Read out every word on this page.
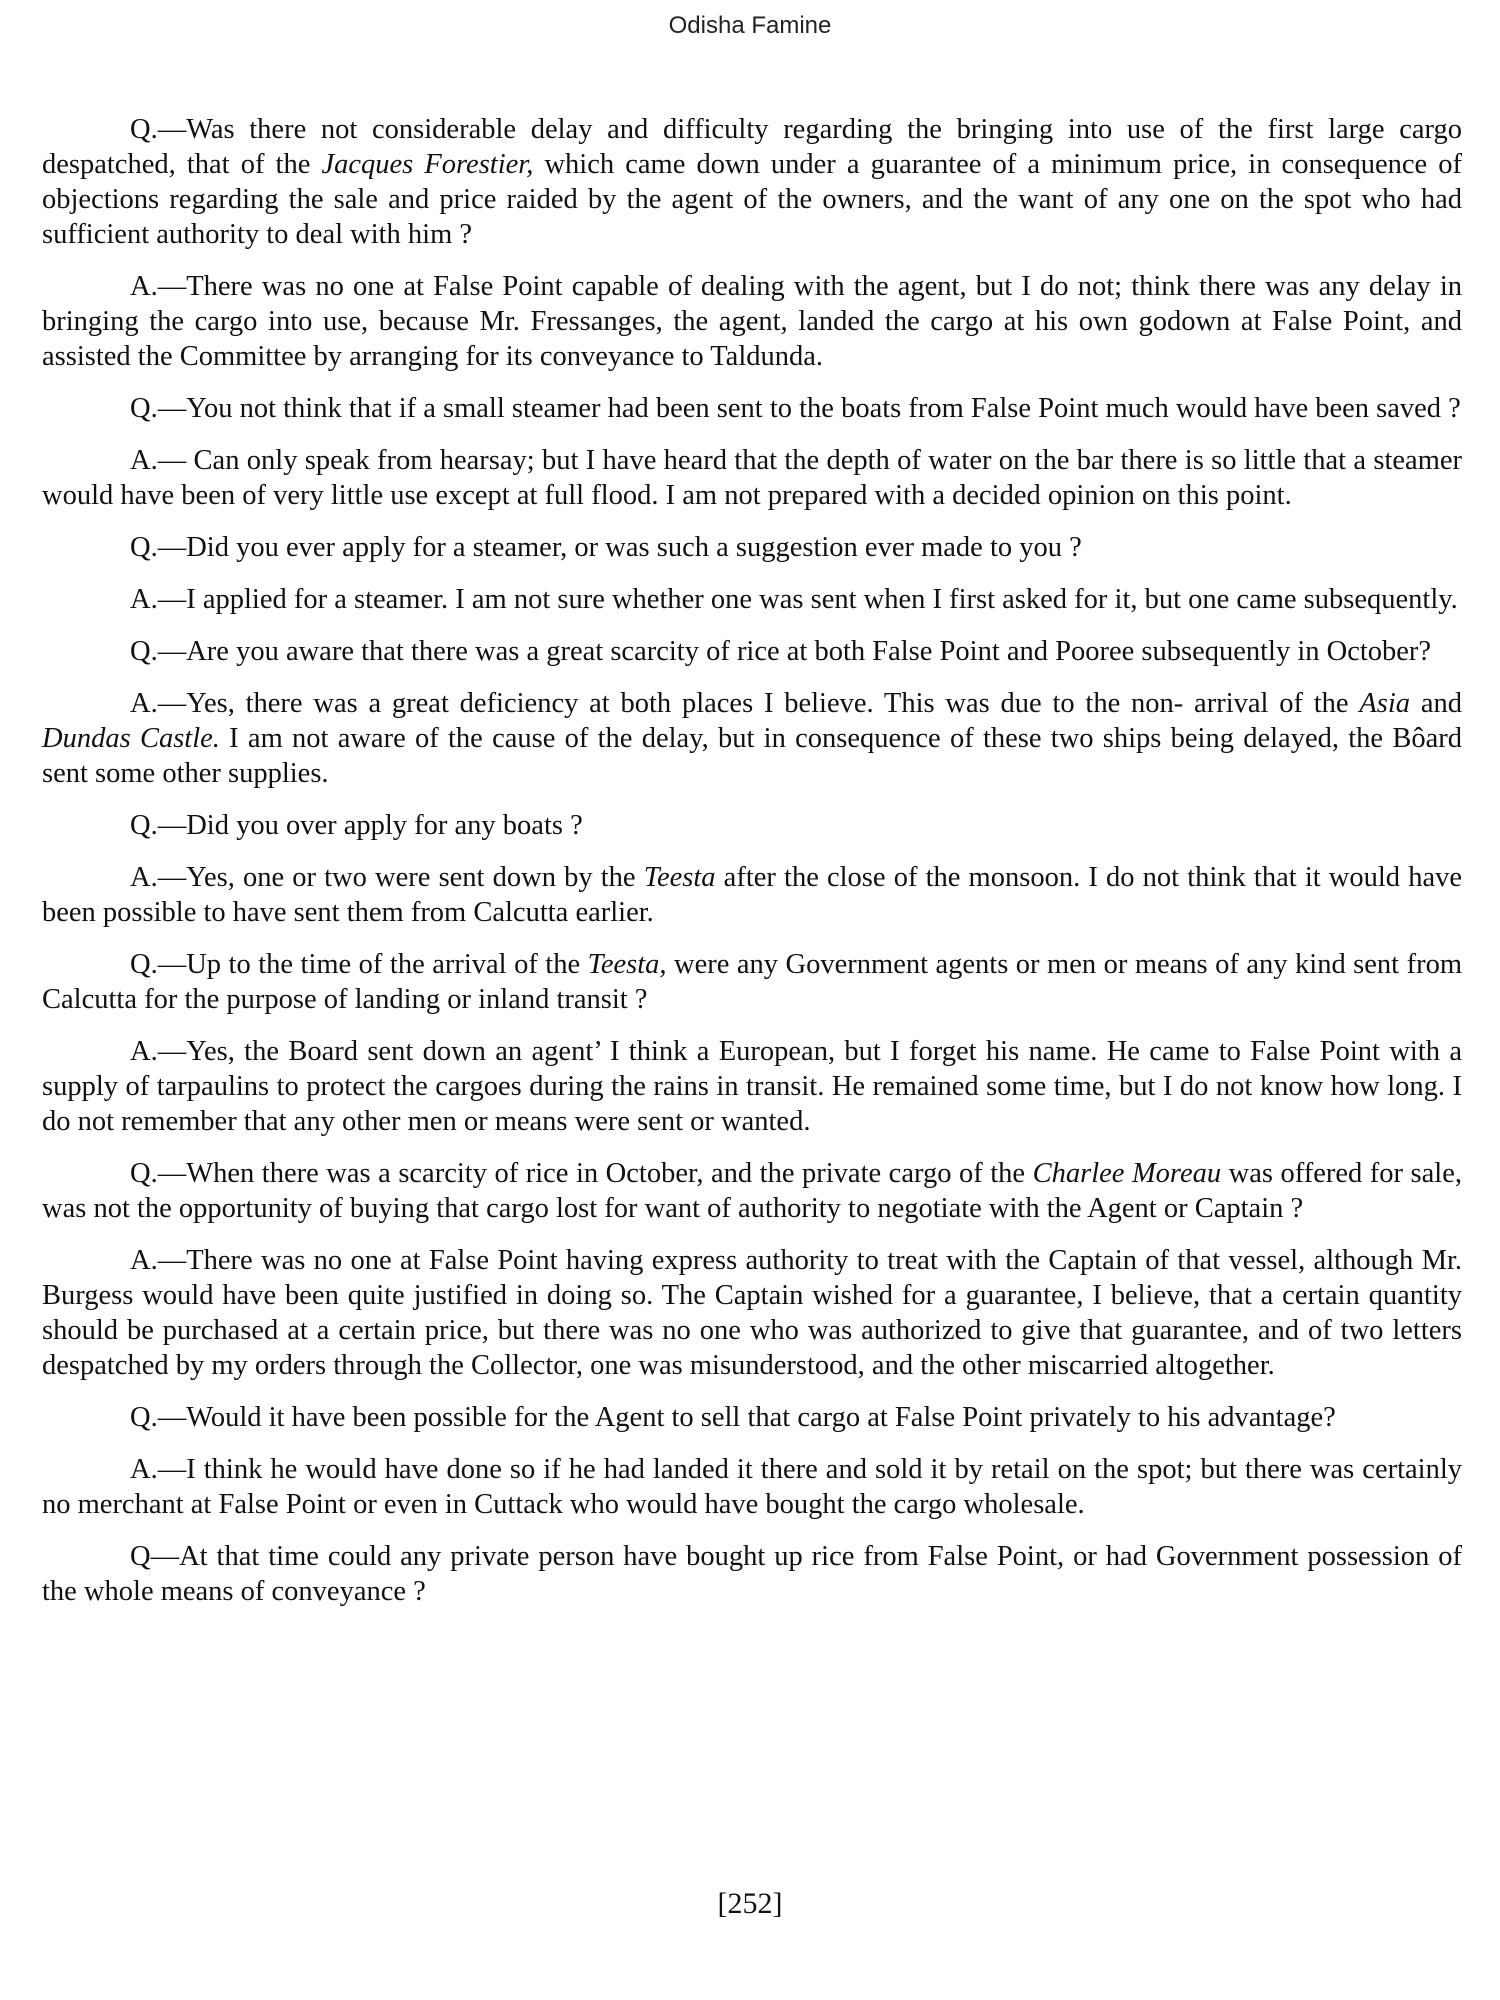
Odisha Famine

Q.—Was there not considerable delay and difficulty regarding the bringing into use of the first large cargo despatched, that of the Jacques Forestier, which came down under a guarantee of a minimum price, in consequence of objections regarding the sale and price raided by the agent of the owners, and the want of any one on the spot who had sufficient authority to deal with him ?

A.—There was no one at False Point capable of dealing with the agent, but I do not; think there was any delay in bringing the cargo into use, because Mr. Fressanges, the agent, landed the cargo at his own godown at False Point, and assisted the Committee by arranging for its conveyance to Taldunda.

Q.—You not think that if a small steamer had been sent to the boats from False Point much would have been saved ?

A.— Can only speak from hearsay; but I have heard that the depth of water on the bar there is so little that a steamer would have been of very little use except at full flood. I am not prepared with a decided opinion on this point.

Q.—Did you ever apply for a steamer, or was such a suggestion ever made to you ?

A.—I applied for a steamer. I am not sure whether one was sent when I first asked for it, but one came subsequently.

Q.—Are you aware that there was a great scarcity of rice at both False Point and Pooree subsequently in October?

A.—Yes, there was a great deficiency at both places I believe. This was due to the non- arrival of the Asia and Dundas Castle. I am not aware of the cause of the delay, but in consequence of these two ships being delayed, the Bôard sent some other supplies.

Q.—Did you over apply for any boats ?

A.—Yes, one or two were sent down by the Teesta after the close of the monsoon. I do not think that it would have been possible to have sent them from Calcutta earlier.

Q.—Up to the time of the arrival of the Teesta, were any Government agents or men or means of any kind sent from Calcutta for the purpose of landing or inland transit ?

A.—Yes, the Board sent down an agent’ I think a European, but I forget his name. He came to False Point with a supply of tarpaulins to protect the cargoes during the rains in transit. He remained some time, but I do not know how long. I do not remember that any other men or means were sent or wanted.

Q.—When there was a scarcity of rice in October, and the private cargo of the Charlee Moreau was offered for sale, was not the opportunity of buying that cargo lost for want of authority to negotiate with the Agent or Captain ?

A.—There was no one at False Point having express authority to treat with the Captain of that vessel, although Mr. Burgess would have been quite justified in doing so. The Captain wished for a guarantee, I believe, that a certain quantity should be purchased at a certain price, but there was no one who was authorized to give that guarantee, and of two letters despatched by my orders through the Collector, one was misunderstood, and the other miscarried altogether.

Q.—Would it have been possible for the Agent to sell that cargo at False Point privately to his advantage?

A.—I think he would have done so if he had landed it there and sold it by retail on the spot; but there was certainly no merchant at False Point or even in Cuttack who would have bought the cargo wholesale.

Q—At that time could any private person have bought up rice from False Point, or had Government possession of the whole means of conveyance ?

[252]
